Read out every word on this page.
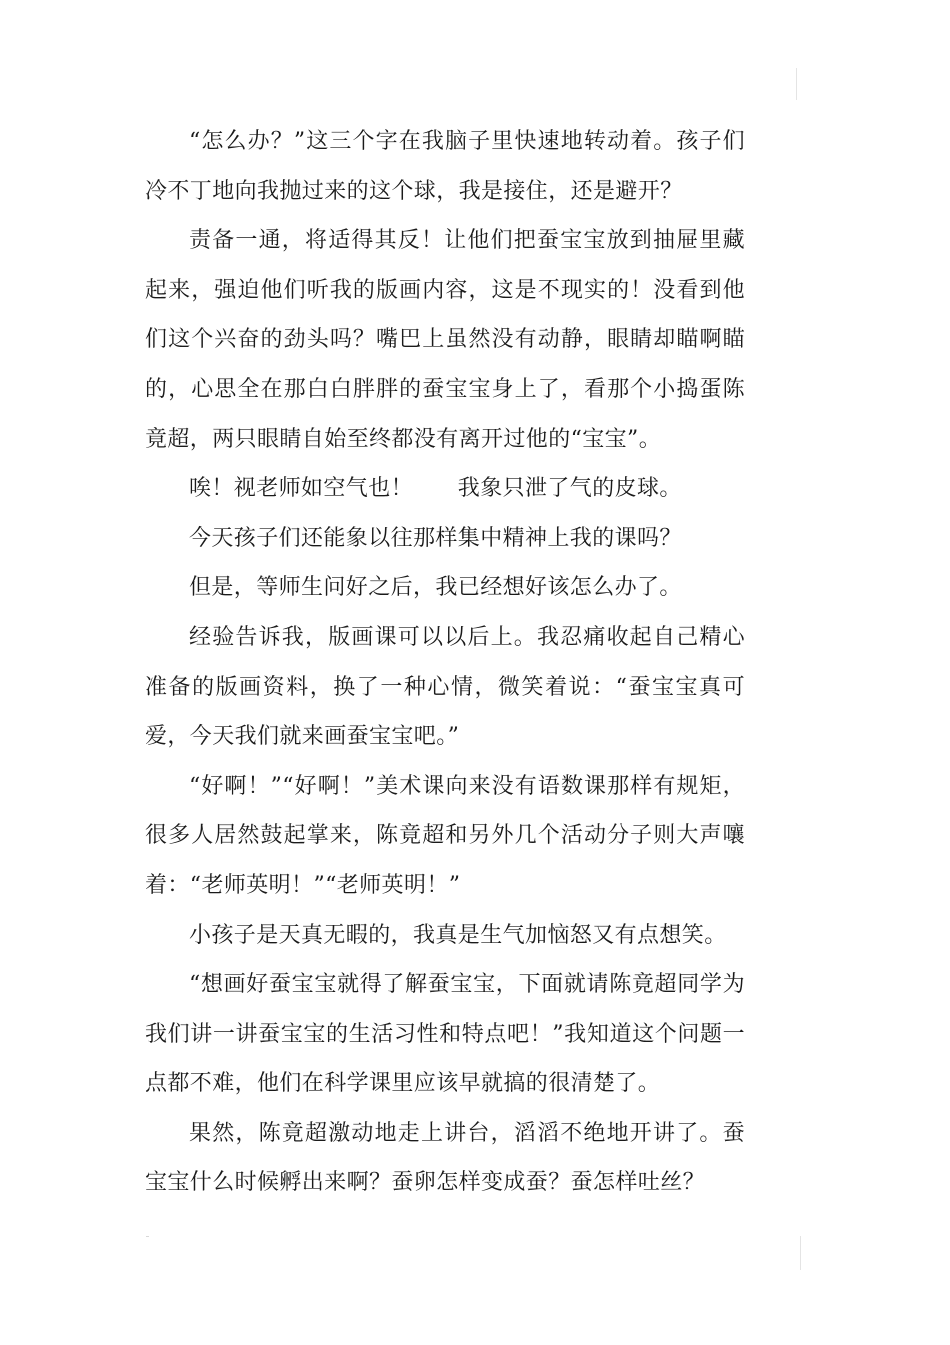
“怎么办？”这三个字在我脑子里快速地转动着。孩子们冷不丁地向我抛过来的这个球，我是接住，还是避开？

责备一通，将适得其反！让他们把蚕宝宝放到抽屉里藏起来，强迫他们听我的版画内容，这是不现实的！没看到他们这个兴奋的劲头吗？嘴巴上虽然没有动静，眼睛却瞄啊瞄的，心思全在那白白胖胖的蚕宝宝身上了，看那个小捣蛋陈竟超，两只眼睛自始至终都没有离开过他的“宝宝”。

唉！视老师如空气也！　　我象只泄了气的皮球。

今天孩子们还能象以往那样集中精神上我的课吗？

但是，等师生问好之后，我已经想好该怎么办了。

经验告诉我，版画课可以以后上。我忍痛收起自己精心准备的版画资料，换了一种心情，微笑着说：“蚕宝宝真可爱，今天我们就来画蚕宝宝吧。”

“好啊！”“好啊！”美术课向来没有语数课那样有规矩，很多人居然鼓起掌来，陈竟超和另外几个活动分子则大声嚷着：“老师英明！”“老师英明！”

小孩子是天真无暇的，我真是生气加恼怒又有点想笑。

“想画好蚕宝宝就得了解蚕宝宝，下面就请陈竟超同学为我们讲一讲蚕宝宝的生活习性和特点吧！”我知道这个问题一点都不难，他们在科学课里应该早就搞的很清楚了。

果然，陈竟超激动地走上讲台，滔滔不绝地开讲了。蚕宝宝什么时候孵出来啊？蚕卵怎样变成蚕？蚕怎样吐丝？
